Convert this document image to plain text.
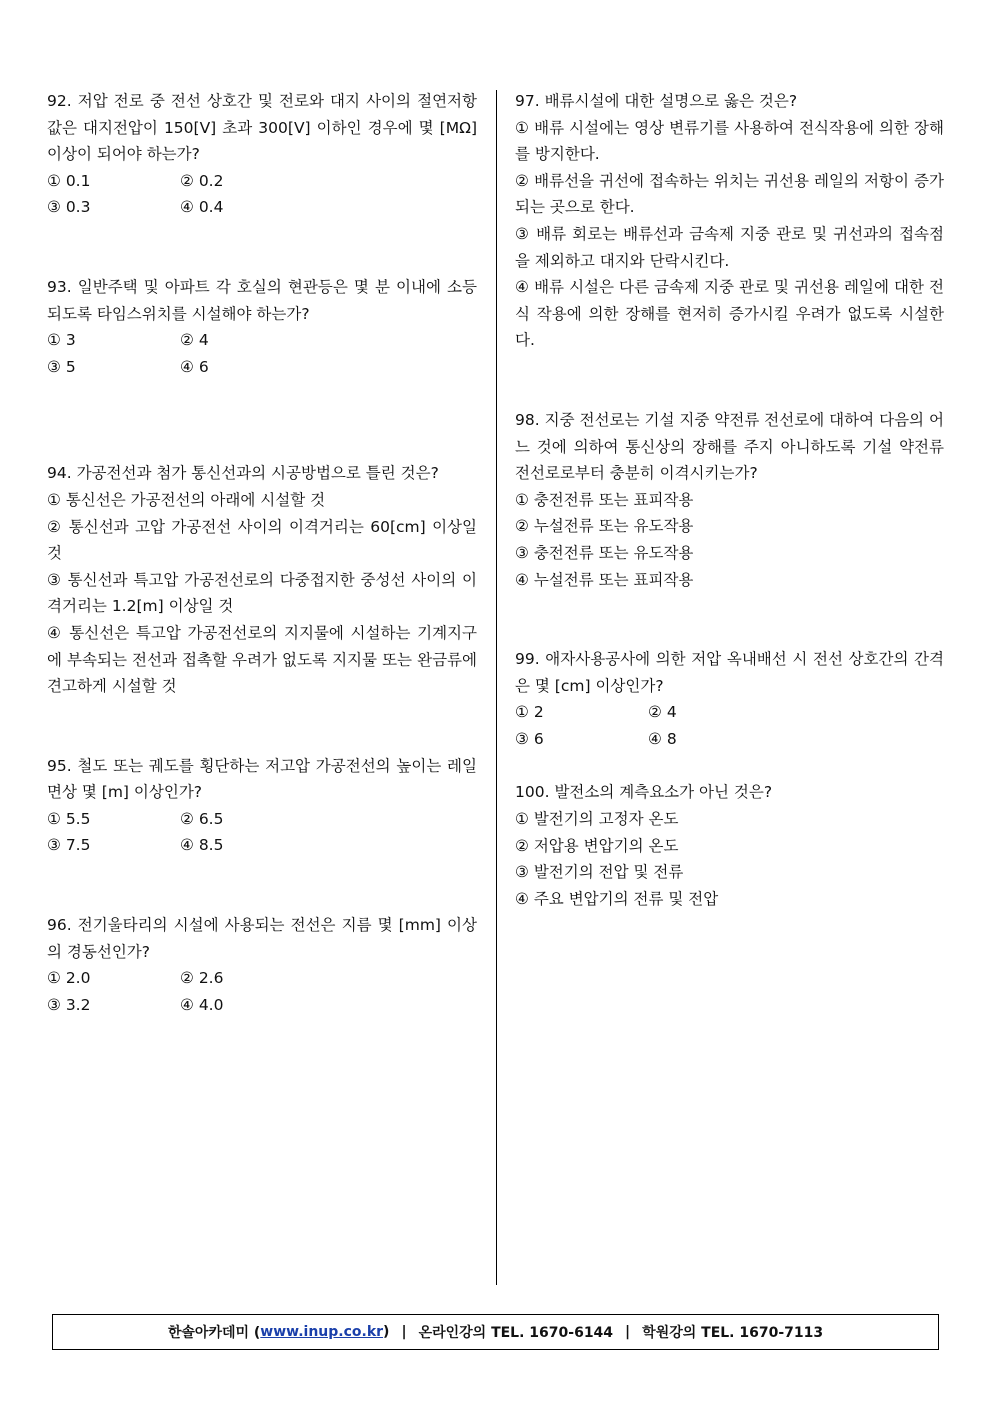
92. 저압 전로 중 전선 상호간 및 전로와 대지 사이의 절연저항 값은 대지전압이 150[V] 초과 300[V] 이하인 경우에 몇 [MΩ] 이상이 되어야 하는가?

① 0.1	② 0.2
③ 0.3	④ 0.4

93. 일반주택 및 아파트 각 호실의 현관등은 몇 분 이내에 소등 되도록 타임스위치를 시설해야 하는가?

① 3	② 4
③ 5	④ 6

94. 가공전선과 첨가 통신선과의 시공방법으로 틀린 것은?

① 통신선은 가공전선의 아래에 시설할 것

② 통신선과 고압 가공전선 사이의 이격거리는 60[cm] 이상일 것

③ 통신선과 특고압 가공전선로의 다중접지한 중성선 사이의 이격거리는 1.2[m] 이상일 것

④ 통신선은 특고압 가공전선로의 지지물에 시설하는 기계지구에 부속되는 전선과 접촉할 우려가 없도록 지지물 또는 완금류에 견고하게 시설할 것

95. 철도 또는 궤도를 횡단하는 저고압 가공전선의 높이는 레일면상 몇 [m] 이상인가?

① 5.5	② 6.5
③ 7.5	④ 8.5

96. 전기울타리의 시설에 사용되는 전선은 지름 몇 [mm] 이상의 경동선인가?

① 2.0	② 2.6
③ 3.2	④ 4.0

97. 배류시설에 대한 설명으로 옳은 것은?

① 배류 시설에는 영상 변류기를 사용하여 전식작용에 의한 장해를 방지한다.

② 배류선을 귀선에 접속하는 위치는 귀선용 레일의 저항이 증가되는 곳으로 한다.

③ 배류 회로는 배류선과 금속제 지중 관로 및 귀선과의 접속점을 제외하고 대지와 단락시킨다.

④ 배류 시설은 다른 금속제 지중 관로 및 귀선용 레일에 대한 전식 작용에 의한 장해를 현저히 증가시킬 우려가 없도록 시설한다.

98. 지중 전선로는 기설 지중 약전류 전선로에 대하여 다음의 어느 것에 의하여 통신상의 장해를 주지 아니하도록 기설 약전류 전선로로부터 충분히 이격시키는가?

① 충전전류 또는 표피작용

② 누설전류 또는 유도작용

③ 충전전류 또는 유도작용

④ 누설전류 또는 표피작용

99. 애자사용공사에 의한 저압 옥내배선 시 전선 상호간의 간격은 몇 [cm] 이상인가?

① 2	② 4
③ 6	④ 8

100. 발전소의 계측요소가 아닌 것은?

① 발전기의 고정자 온도

② 저압용 변압기의 온도

③ 발전기의 전압 및 전류

④ 주요 변압기의 전류 및 전압

한솔아카데미 ( www.inup.co.kr ) | 온라인강의 TEL. 1670-6144 | 학원강의 TEL. 1670-7113
